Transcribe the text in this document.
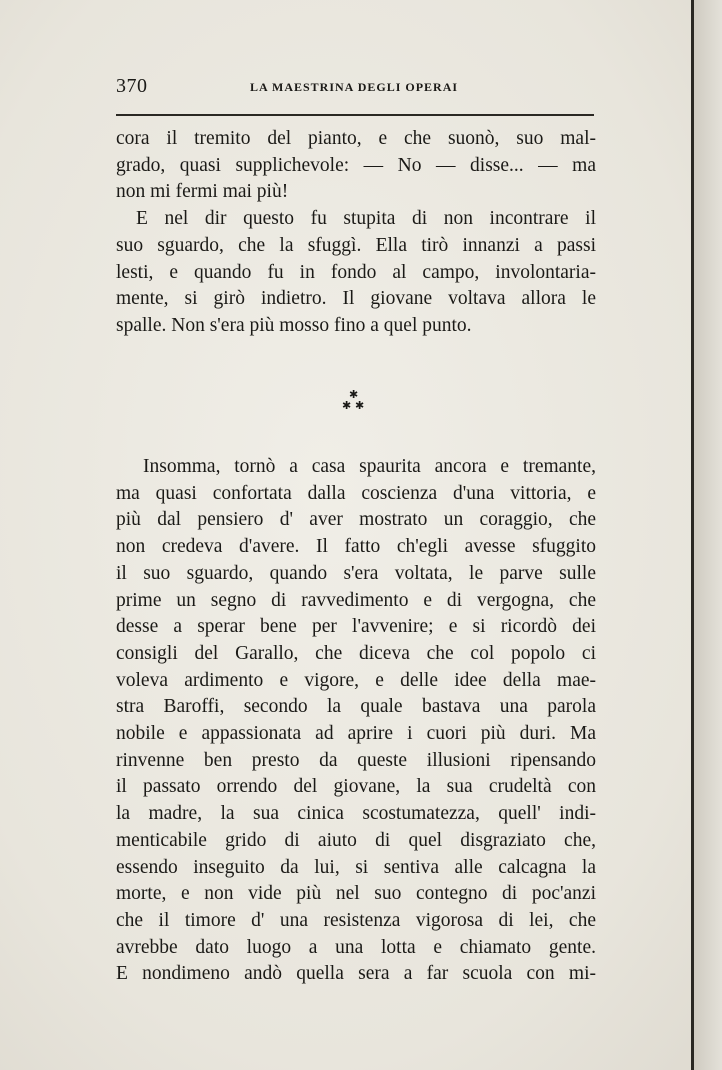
370	LA MAESTRINA DEGLI OPERAI
cora il tremito del pianto, e che suonò, suo mal-
grado, quasi supplichevole: — No — disse... — ma
non mi fermi mai più!
E nel dir questo fu stupita di non incontrare il
suo sguardo, che la sfuggì. Ella tirò innanzi a passi
lesti, e quando fu in fondo al campo, involontaria-
mente, si girò indietro. Il giovane voltava allora le
spalle. Non s'era più mosso fino a quel punto.
✱
✱ ✱
Insomma, tornò a casa spaurita ancora e tremante,
ma quasi confortata dalla coscienza d'una vittoria, e
più dal pensiero d' aver mostrato un coraggio, che
non credeva d'avere. Il fatto ch'egli avesse sfuggito
il suo sguardo, quando s'era voltata, le parve sulle
prime un segno di ravvedimento e di vergogna, che
desse a sperar bene per l'avvenire; e si ricordò dei
consigli del Garallo, che diceva che col popolo ci
voleva ardimento e vigore, e delle idee della mae-
stra Baroffi, secondo la quale bastava una parola
nobile e appassionata ad aprire i cuori più duri. Ma
rinvenne ben presto da queste illusioni ripensando
il passato orrendo del giovane, la sua crudeltà con
la madre, la sua cinica scostumatezza, quell' indi-
menticabile grido di aiuto di quel disgraziato che,
essendo inseguito da lui, si sentiva alle calcagna la
morte, e non vide più nel suo contegno di poc'anzi
che il timore d' una resistenza vigorosa di lei, che
avrebbe dato luogo a una lotta e chiamato gente.
E nondimeno andò quella sera a far scuola con mi-
